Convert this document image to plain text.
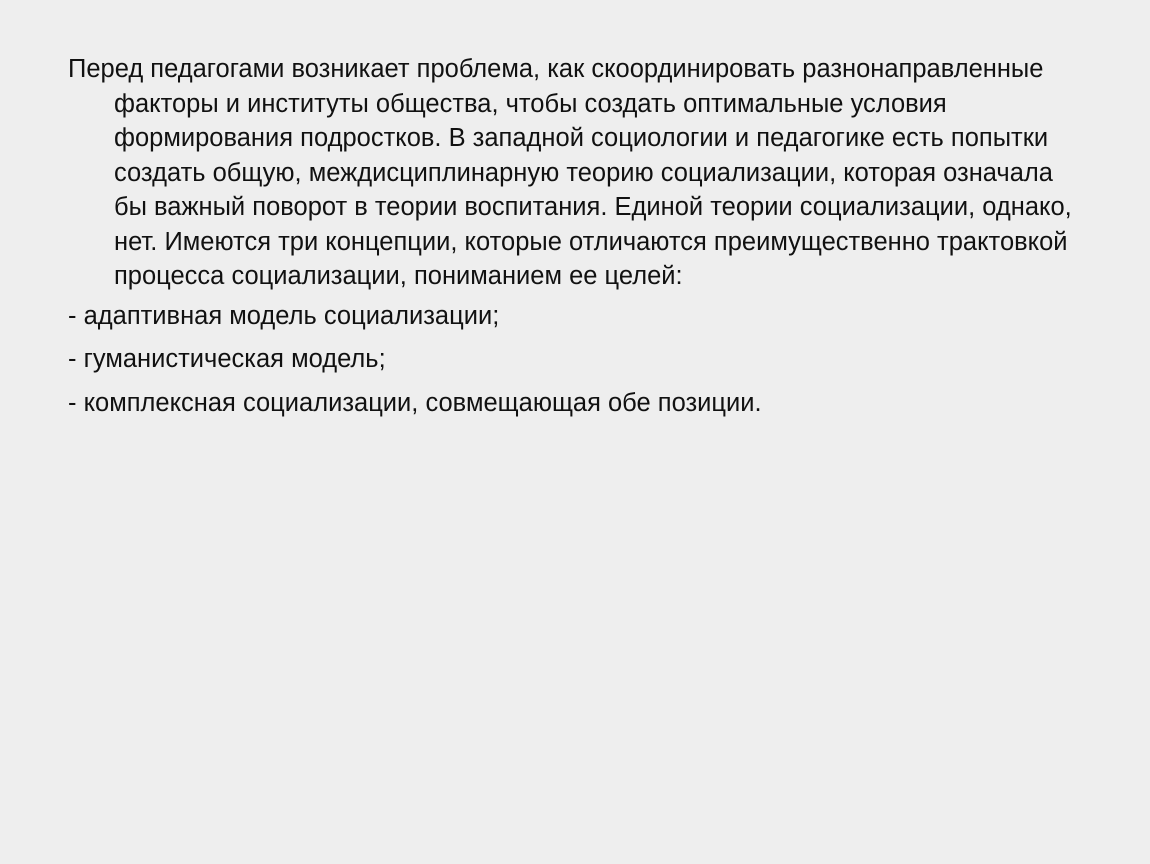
Перед педагогами возникает проблема, как скоординировать разнонаправленные факторы и институты общества, чтобы создать оптимальные условия формирования подростков. В западной социологии и педагогике есть попытки создать общую, междисциплинарную теорию социализации, которая означала бы важный поворот в теории воспитания. Единой теории социализации, однако, нет. Имеются три концепции, которые отличаются преимущественно трактовкой процесса социализации, пониманием ее целей:

- адаптивная модель социализации;

- гуманистическая модель;

- комплексная социализации, совмещающая обе позиции.
